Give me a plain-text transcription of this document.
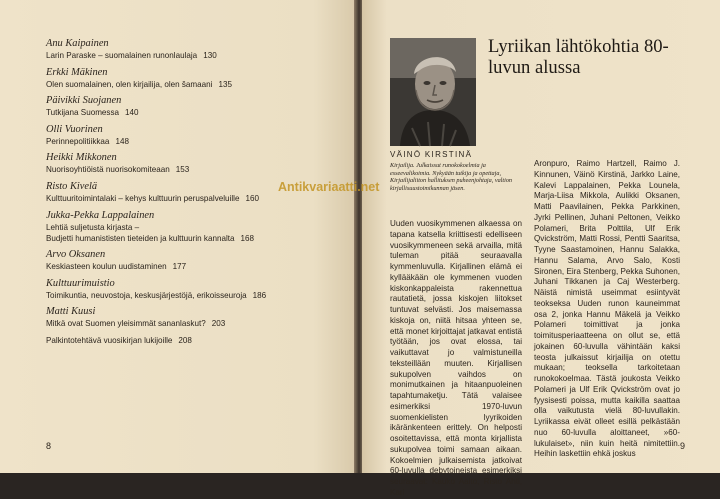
Anu Kaipainen
Larin Paraske – suomalainen runonlaulaja 130
Erkki Mäkinen
Olen suomalainen, olen kirjailija, olen šamaani 135
Päivikki Suojanen
Tutkijana Suomessa 140
Olli Vuorinen
Perinnepolitiikkaa 148
Heikki Mikkonen
Nuorisoyhtiöistä nuorisokomiteaan 153
Risto Kivelä
Kulttuuritoimintalaki – kehys kulttuurin peruspalveluille 160
Jukka-Pekka Lappalainen
Lehtiä suljetusta kirjasta –
Budjetti humanististen tieteiden ja kulttuurin kannalta 168
Arvo Oksanen
Keskiasteen koulun uudistaminen 177
Kulttuurimuistio
Toimikuntia, neuvostoja, keskusjärjestöjä, erikoisseuroja 186
Matti Kuusi
Mitkä ovat Suomen yleisimmät sananlaskut? 203
Palkintotehtävä vuosikirjan lukijoille 208
8
Lyriikan lähtökohtia 80-luvun alussa
VÄINÖ KIRSTINÄ
Kirjailija. Julkaissut runokokoelmia ja esseevalikoimia. Nykyään tutkija ja opettaja, Kirjailijaliiton hallituksen puheenjohtaja, valtion kirjallisuustoimikunnan jäsen.
Uuden vuosikymmenen alkaessa on tapana katsella kriittisesti edelliseen vuosikymmeneen sekä arvailla, mitä tuleman pitää seuraavalla kymmenluvulla. Kirjallinen elämä ei kyllääkään ole kymmenen vuoden kiskonkappaleista rakennettua rautatietä, jossa kiskojen liitokset tuntuvat selvästi. Jos maisemassa kiskoja on, niitä hitsaa yhteen se, että monet kirjoittajat jatkavat entistä työtään, jos ovat elossa, tai vaikuttavat jo valmistuneilla teksteillään muuten. Kirjallisen sukupolven vaihdos on monimutkainen ja hitaanpuoleinen tapahtumaketju. Tätä valaisee esimerkiksi 1970-luvun suomenkielisten lyyrikoiden ikäränkenteen erittely. On helposti osoitettavissa, että monta kirjallista sukupolvea toimi samaan aikaan. Kokoelmien julkaisemista jatkoivat 60-luvulla debytoineista esimerkiksi seuraavat: Kauko Aalto, Risto Ahti, Kari
Aronpuro, Raimo Hartzell, Raimo J. Kinnunen, Väinö Kirstinä, Jarkko Laine, Kalevi Lappalainen, Pekka Lounela, Marja-Liisa Mikkola, Aulikki Oksanen, Matti Paavilainen, Pekka Parkkinen, Jyrki Pellinen, Juhani Peltonen, Veikko Polameri, Brita Polttila, Ulf Erik Qvickström, Matti Rossi, Pentti Saaritsa, Tyyne Saastamoinen, Hannu Salakka, Hannu Salama, Arvo Salo, Kosti Sironen, Eira Stenberg, Pekka Suhonen, Juhani Tikkanen ja Caj Westerberg. Näistä nimistä useimmat esiintyvät teokseksa Uuden runon kauneimmat osa 2, jonka Hannu Mäkelä ja Veikko Polameri toimittivat ja jonka toimitusperiaatteena on ollut se, että jokainen 60-luvulla vähintään kaksi teosta julkaissut kirjailija on otettu mukaan; teoksella tarkoitetaan runokokoelmaa. Tästä joukosta Veikko Polameri ja Ulf Erik Qvickström ovat jo fyysisesti poissa, mutta kaikilla saattaa olla vaikutusta vielä 80-luvullakin. Lyriikassa eivät olleet esillä pelkästään nuo 60-luvulla aloittaneet, »60-lukulaiset», niin kuin heitä nimitettiin. Heihin laskettiin ehkä joskus
9
Antikvariaatti.net
